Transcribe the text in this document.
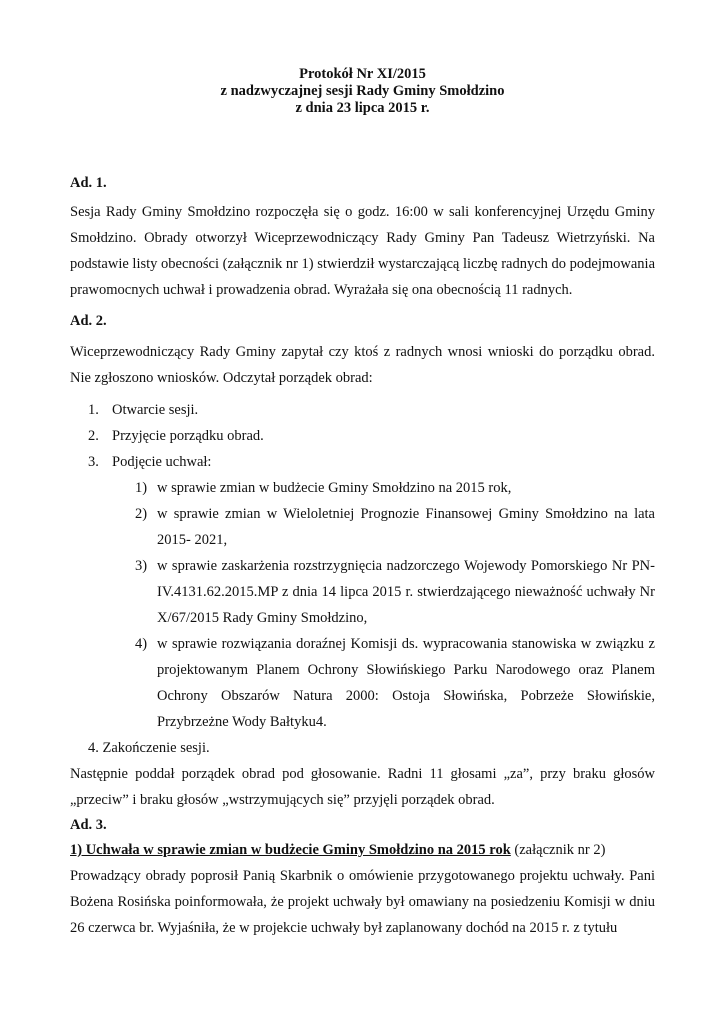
Protokół Nr XI/2015

z nadzwyczajnej sesji Rady Gminy Smołdzino

z dnia 23 lipca 2015 r.

Ad. 1.

Sesja Rady Gminy Smołdzino rozpoczęła się o godz. 16:00 w sali konferencyjnej Urzędu Gminy Smołdzino. Obrady otworzył Wiceprzewodniczący Rady Gminy Pan Tadeusz Wietrzyński. Na podstawie listy obecności (załącznik nr 1) stwierdził wystarczającą liczbę radnych do podejmowania prawomocnych uchwał i prowadzenia obrad. Wyrażała się ona obecnością 11 radnych.

Ad. 2.

Wiceprzewodniczący Rady Gminy zapytał czy ktoś z radnych wnosi wnioski do porządku obrad. Nie zgłoszono wniosków. Odczytał porządek obrad:

1. Otwarcie sesji.
2. Przyjęcie porządku obrad.
3. Podjęcie uchwał:
1) w sprawie zmian w budżecie Gminy Smołdzino na 2015 rok,
2) w sprawie zmian w Wieloletniej Prognozie Finansowej Gminy Smołdzino na lata 2015- 2021,
3) w sprawie zaskarżenia rozstrzygnięcia nadzorczego Wojewody Pomorskiego Nr PN-IV.4131.62.2015.MP z dnia 14 lipca 2015 r. stwierdzającego nieważność uchwały Nr X/67/2015 Rady Gminy Smołdzino,
4) w sprawie rozwiązania doraźnej Komisji ds. wypracowania stanowiska w związku z projektowanym Planem Ochrony Słowińskiego Parku Narodowego oraz Planem Ochrony Obszarów Natura 2000: Ostoja Słowińska, Pobrzeże Słowińskie, Przybrzeżne Wody Bałtyku4.
4. Zakończenie sesji.

Następnie poddał porządek obrad pod głosowanie. Radni 11 głosami „za”, przy braku głosów „przeciw” i braku głosów „wstrzymujących się” przyjęli porządek obrad.

Ad. 3.

1) Uchwała w sprawie zmian w budżecie Gminy Smołdzino na 2015 rok (załącznik nr 2)

Prowadzący obrady poprosił Panią Skarbnik o omówienie przygotowanego projektu uchwały. Pani Bożena Rosińska poinformowała, że projekt uchwały był omawiany na posiedzeniu Komisji w dniu 26 czerwca br. Wyjaśniła, że w projekcie uchwały był zaplanowany dochód na 2015 r. z tytułu
